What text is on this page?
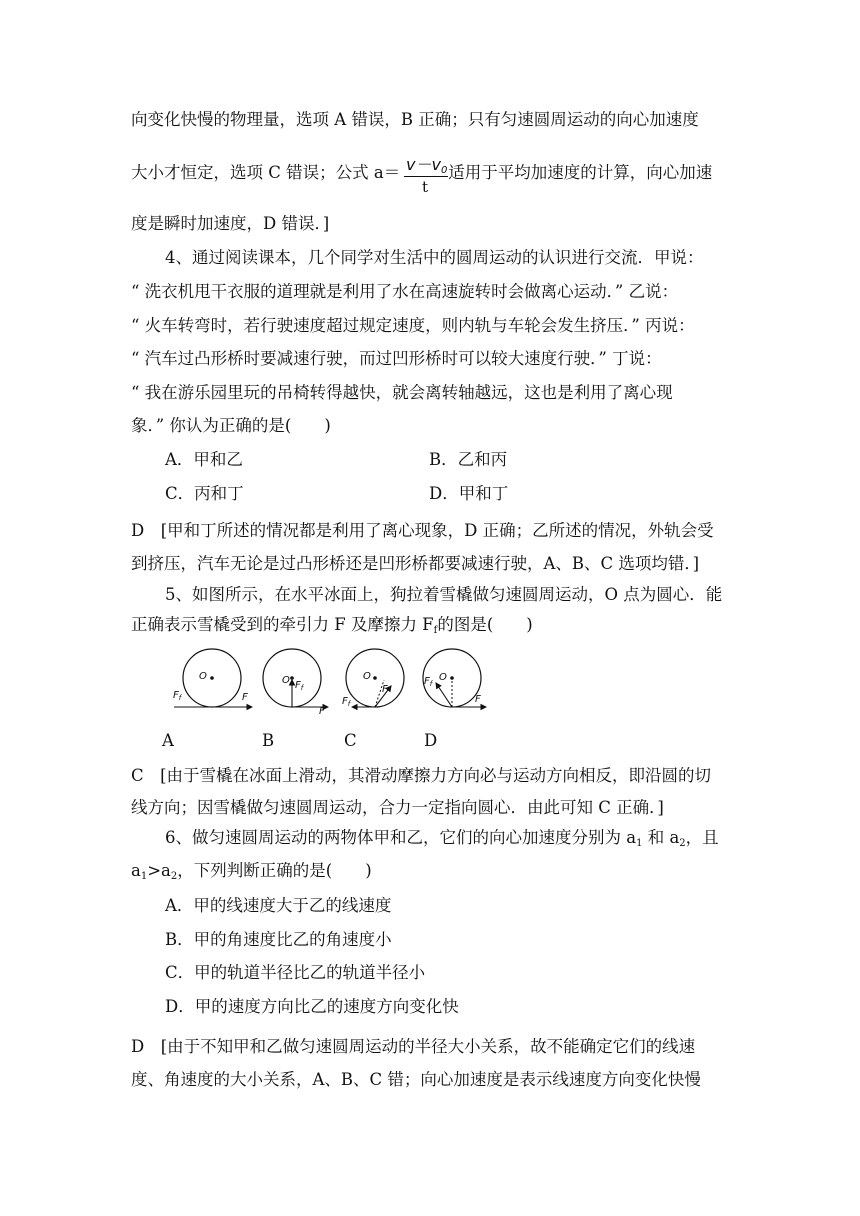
向变化快慢的物理量，选项 A 错误，B 正确；只有匀速圆周运动的向心加速度
大小才恒定，选项 C 错误；公式 a＝	适用于平均加速度的计算，向心加速
$v-v_0$
t
度是瞬时加速度，D 错误．]
4、通过阅读课本，几个同学对生活中的圆周运动的认识进行交流．甲说：
“ 洗衣机甩干衣服的道理就是利用了水在高速旋转时会做离心运动．” 乙说：
“ 火车转弯时，若行驶速度超过规定速度，则内轨与车轮会发生挤压．” 丙说：
“ 汽车过凸形桥时要减速行驶，而过凹形桥时可以较大速度行驶．” 丁说：
“ 我在游乐园里玩的吊椅转得越快，就会离转轴越远，这也是利用了离心现
象．” 你认为正确的是(　　)
A．甲和乙	B．乙和丙
C．丙和丁	D．甲和丁
D　[甲和丁所述的情况都是利用了离心现象，D 正确；乙所述的情况，外轨会受
到挤压，汽车无论是过凸形桥还是凹形桥都要减速行驶，A、B、C 选项均错．]
5、如图所示，在水平冰面上，狗拉着雪橇做匀速圆周运动，O 点为圆心．能
正确表示雪橇受到的牵引力 F 及摩擦力 $F_f$的图是(　　)
O
$F_f$	F
O $F_f$
F
O
F
$F_f$
O
$F_f$
F
A	B	C	D
C　[由于雪橇在冰面上滑动，其滑动摩擦力方向必与运动方向相反，即沿圆的切
线方向；因雪橇做匀速圆周运动，合力一定指向圆心．由此可知 C 正确．]
6、做匀速圆周运动的两物体甲和乙，它们的向心加速度分别为 $a_1$ 和 $a_2$，且
$a_1>a_2$，下列判断正确的是(　　)
A．甲的线速度大于乙的线速度
B．甲的角速度比乙的角速度小
C．甲的轨道半径比乙的轨道半径小
D．甲的速度方向比乙的速度方向变化快
D　[由于不知甲和乙做匀速圆周运动的半径大小关系，故不能确定它们的线速
度、角速度的大小关系，A、B、C 错；向心加速度是表示线速度方向变化快慢
